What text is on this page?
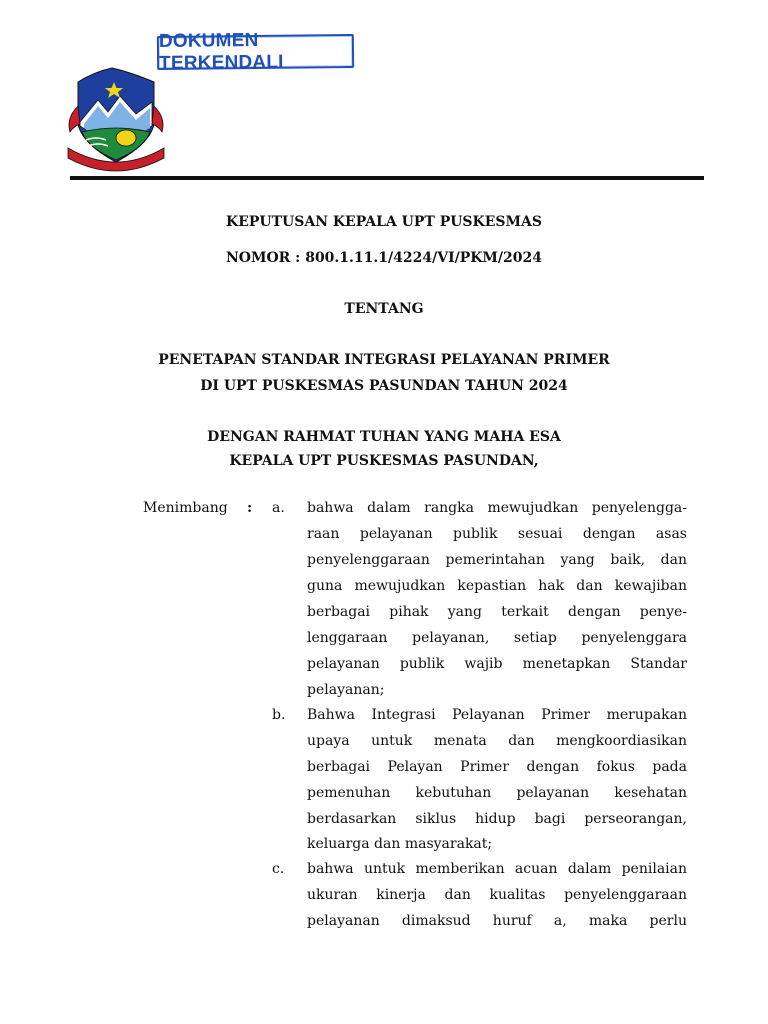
DOKUMEN TERKENDALI
KEPUTUSAN KEPALA UPT PUSKESMAS
NOMOR : 800.1.11.1/4224/VI/PKM/2024
TENTANG
PENETAPAN STANDAR INTEGRASI PELAYANAN PRIMER
DI UPT PUSKESMAS PASUNDAN TAHUN 2024
DENGAN RAHMAT TUHAN YANG MAHA ESA
KEPALA UPT PUSKESMAS PASUNDAN,
Menimbang : a. bahwa dalam rangka mewujudkan penyelengga-
raan pelayanan publik sesuai dengan asas
penyelenggaraan pemerintahan yang baik, dan
guna mewujudkan kepastian hak dan kewajiban
berbagai pihak yang terkait dengan penye-
lenggaraan pelayanan, setiap penyelenggara
pelayanan publik wajib menetapkan Standar
pelayanan;
b. Bahwa Integrasi Pelayanan Primer merupakan
upaya untuk menata dan mengkoordiasikan
berbagai Pelayan Primer dengan fokus pada
pemenuhan kebutuhan pelayanan kesehatan
berdasarkan siklus hidup bagi perseorangan,
keluarga dan masyarakat;
c. bahwa untuk memberikan acuan dalam penilaian
ukuran kinerja dan kualitas penyelenggaraan
pelayanan dimaksud huruf a, maka perlu
